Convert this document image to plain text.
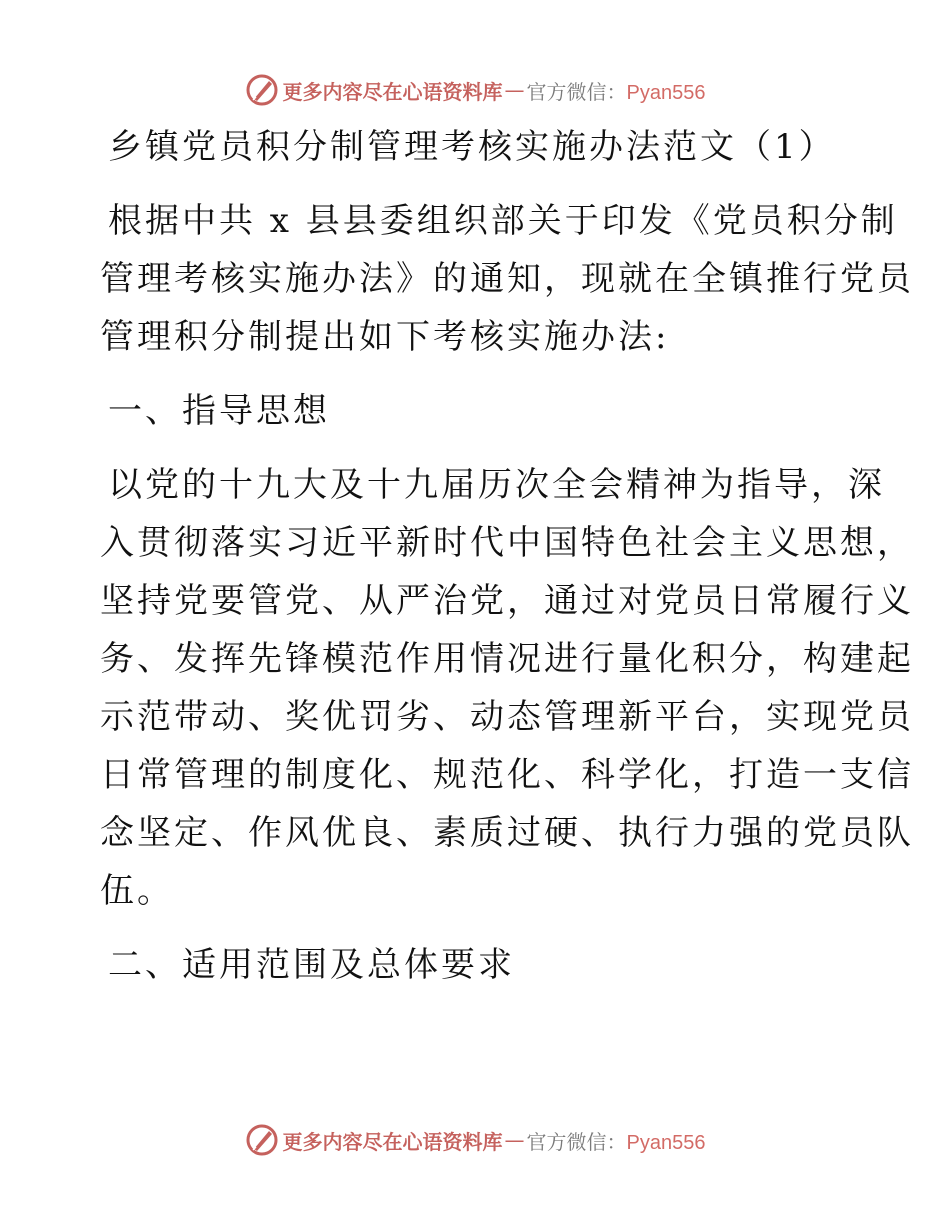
更多内容尽在心语资料库 — 官方微信：Pyan556
乡镇党员积分制管理考核实施办法范文（1）
根据中共 x 县县委组织部关于印发《党员积分制
管理考核实施办法》的通知，现就在全镇推行党员
管理积分制提出如下考核实施办法:
一、指导思想
以党的十九大及十九届历次全会精神为指导，深
入贯彻落实习近平新时代中国特色社会主义思想，
坚持党要管党、从严治党，通过对党员日常履行义
务、发挥先锋模范作用情况进行量化积分，构建起
示范带动、奖优罚劣、动态管理新平台，实现党员
日常管理的制度化、规范化、科学化，打造一支信
念坚定、作风优良、素质过硬、执行力强的党员队
伍。
二、适用范围及总体要求
更多内容尽在心语资料库 — 官方微信：Pyan556
